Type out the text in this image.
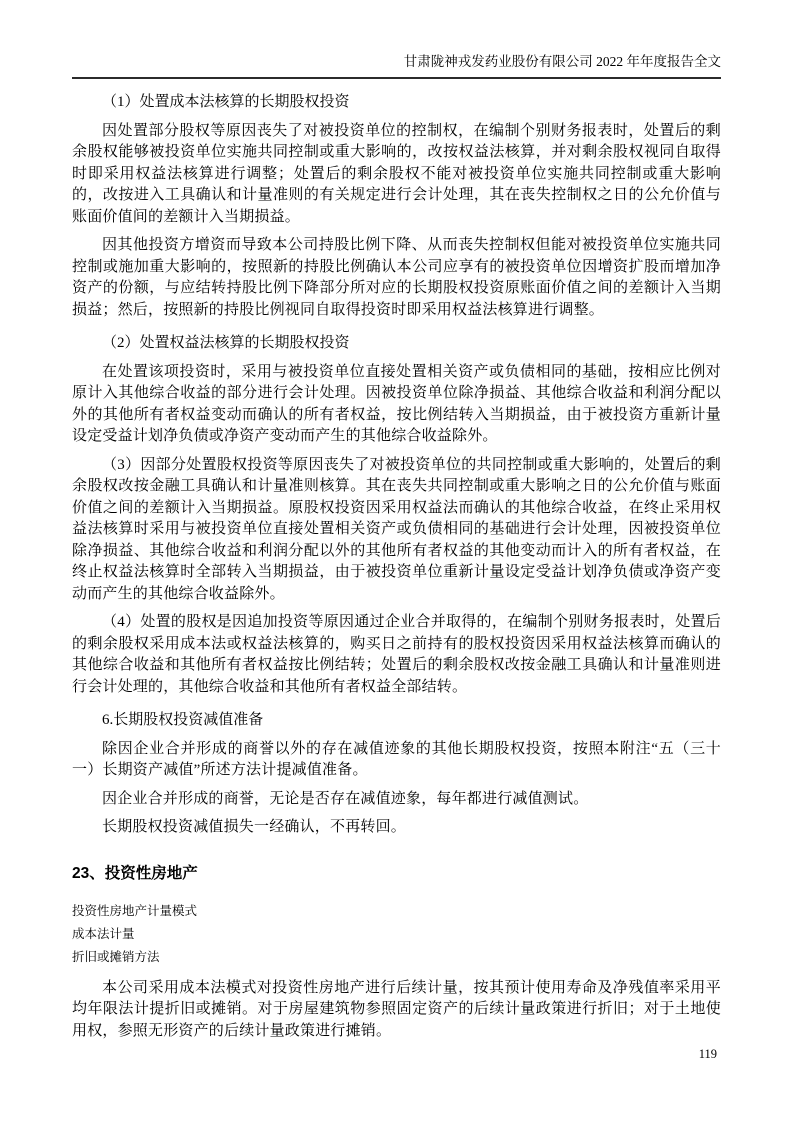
甘肃陇神戎发药业股份有限公司 2022 年年度报告全文

（1）处置成本法核算的长期股权投资

因处置部分股权等原因丧失了对被投资单位的控制权，在编制个别财务报表时，处置后的剩余股权能够被投资单位实施共同控制或重大影响的，改按权益法核算，并对剩余股权视同自取得时即采用权益法核算进行调整；处置后的剩余股权不能对被投资单位实施共同控制或重大影响的，改按进入工具确认和计量准则的有关规定进行会计处理，其在丧失控制权之日的公允价值与账面价值间的差额计入当期损益。

因其他投资方增资而导致本公司持股比例下降、从而丧失控制权但能对被投资单位实施共同控制或施加重大影响的，按照新的持股比例确认本公司应享有的被投资单位因增资扩股而增加净资产的份额，与应结转持股比例下降部分所对应的长期股权投资原账面价值之间的差额计入当期损益；然后，按照新的持股比例视同自取得投资时即采用权益法核算进行调整。

（2）处置权益法核算的长期股权投资

在处置该项投资时，采用与被投资单位直接处置相关资产或负债相同的基础，按相应比例对原计入其他综合收益的部分进行会计处理。因被投资单位除净损益、其他综合收益和利润分配以外的其他所有者权益变动而确认的所有者权益，按比例结转入当期损益，由于被投资方重新计量设定受益计划净负债或净资产变动而产生的其他综合收益除外。

（3）因部分处置股权投资等原因丧失了对被投资单位的共同控制或重大影响的，处置后的剩余股权改按金融工具确认和计量准则核算。其在丧失共同控制或重大影响之日的公允价值与账面价值之间的差额计入当期损益。原股权投资因采用权益法而确认的其他综合收益，在终止采用权益法核算时采用与被投资单位直接处置相关资产或负债相同的基础进行会计处理，因被投资单位除净损益、其他综合收益和利润分配以外的其他所有者权益的其他变动而计入的所有者权益，在终止权益法核算时全部转入当期损益，由于被投资单位重新计量设定受益计划净负债或净资产变动而产生的其他综合收益除外。

（4）处置的股权是因追加投资等原因通过企业合并取得的，在编制个别财务报表时，处置后的剩余股权采用成本法或权益法核算的，购买日之前持有的股权投资因采用权益法核算而确认的其他综合收益和其他所有者权益按比例结转；处置后的剩余股权改按金融工具确认和计量准则进行会计处理的，其他综合收益和其他所有者权益全部结转。

6.长期股权投资减值准备

除因企业合并形成的商誉以外的存在减值迹象的其他长期股权投资，按照本附注“五（三十一）长期资产减值”所述方法计提减值准备。

因企业合并形成的商誉，无论是否存在减值迹象，每年都进行减值测试。

长期股权投资减值损失一经确认，不再转回。

23、投资性房地产

投资性房地产计量模式

成本法计量

折旧或摊销方法

本公司采用成本法模式对投资性房地产进行后续计量，按其预计使用寿命及净残值率采用平均年限法计提折旧或摊销。对于房屋建筑物参照固定资产的后续计量政策进行折旧；对于土地使用权，参照无形资产的后续计量政策进行摊销。

119
